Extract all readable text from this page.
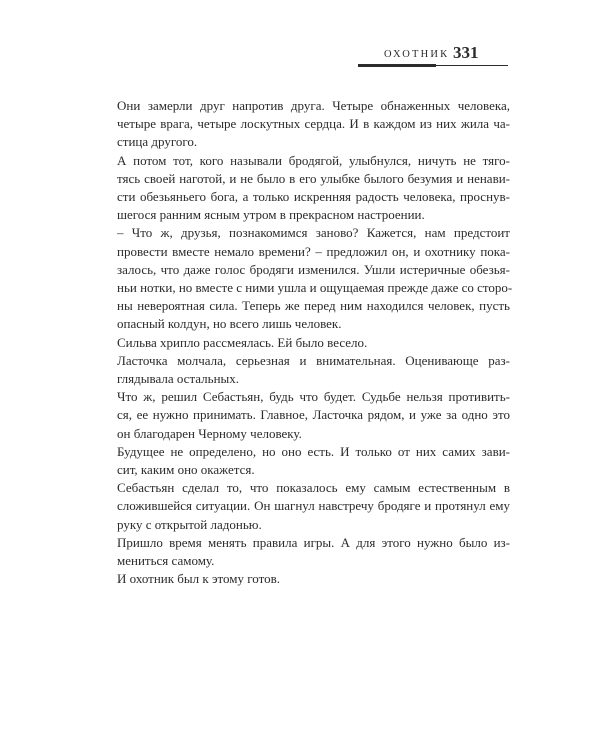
ОХОТНИК 331

Они замерли друг напротив друга. Четыре обнаженных человека,
четыре врага, четыре лоскутных сердца. И в каждом из них жила ча-
стица другого.

А потом тот, кого называли бродягой, улыбнулся, ничуть не тяго-
тясь своей наготой, и не было в его улыбке былого безумия и ненави-
сти обезьяньего бога, а только искренняя радость человека, проснув-
шегося ранним ясным утром в прекрасном настроении.

– Что ж, друзья, познакомимся заново? Кажется, нам предстоит
провести вместе немало времени? – предложил он, и охотнику пока-
залось, что даже голос бродяги изменился. Ушли истеричные обезья-
ньи нотки, но вместе с ними ушла и ощущаемая прежде даже со сторо-
ны невероятная сила. Теперь же перед ним находился человек, пусть
опасный колдун, но всего лишь человек.

Сильва хрипло рассмеялась. Ей было весело.

Ласточка молчала, серьезная и внимательная. Оценивающе раз-
глядывала остальных.

Что ж, решил Себастьян, будь что будет. Судьбе нельзя противить-
ся, ее нужно принимать. Главное, Ласточка рядом, и уже за одно это
он благодарен Черному человеку.

Будущее не определено, но оно есть. И только от них самих зави-
сит, каким оно окажется.

Себастьян сделал то, что показалось ему самым естественным в
сложившейся ситуации. Он шагнул навстречу бродяге и протянул ему
руку с открытой ладонью.

Пришло время менять правила игры. А для этого нужно было из-
мениться самому.

И охотник был к этому готов.
